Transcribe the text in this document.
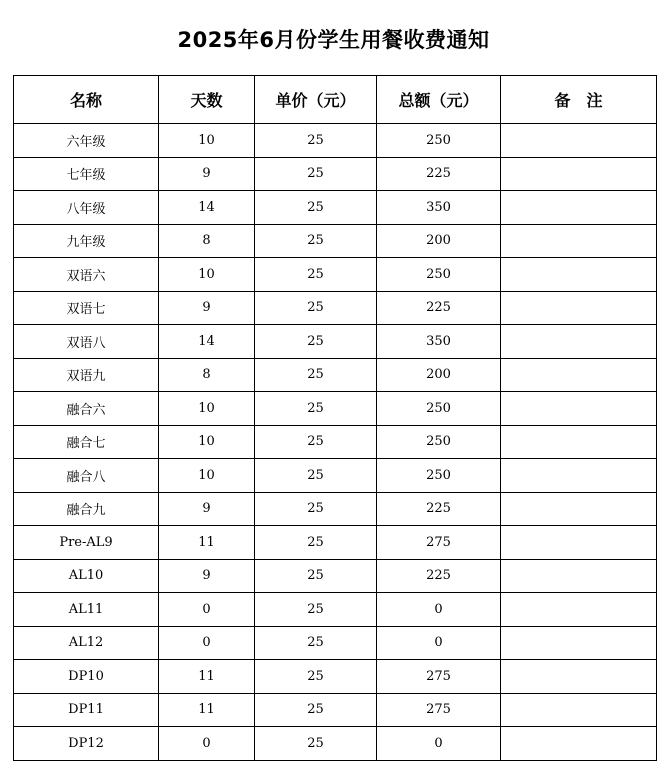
2025年6月份学生用餐收费通知
名称	天数	单价（元）	总额（元）	备　注
六年级	10	25	250	
七年级	9	25	225	
八年级	14	25	350	
九年级	8	25	200	
双语六	10	25	250	
双语七	9	25	225	
双语八	14	25	350	
双语九	8	25	200	
融合六	10	25	250	
融合七	10	25	250	
融合八	10	25	250	
融合九	9	25	225	
Pre-AL9	11	25	275	
AL10	9	25	225	
AL11	0	25	0	
AL12	0	25	0	
DP10	11	25	275	
DP11	11	25	275	
DP12	0	25	0	
